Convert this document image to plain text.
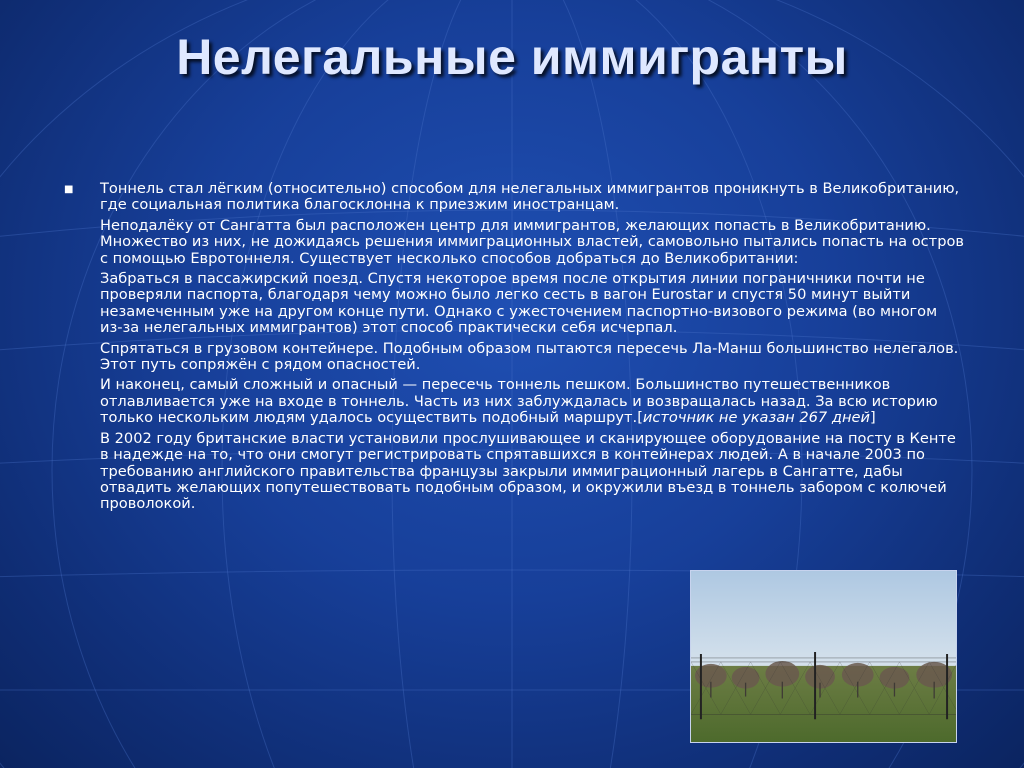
Нелегальные иммигранты
■ Тоннель стал лёгким (относительно) способом для нелегальных иммигрантов проникнуть в Великобританию, где социальная политика благосклонна к приезжим иностранцам.
Неподалёку от Сангатта был расположен центр для иммигрантов, желающих попасть в Великобританию. Множество из них, не дожидаясь решения иммиграционных властей, самовольно пытались попасть на остров с помощью Евротоннеля. Существует несколько способов добраться до Великобритании:
Забраться в пассажирский поезд. Спустя некоторое время после открытия линии пограничники почти не проверяли паспорта, благодаря чему можно было легко сесть в вагон Eurostar и спустя 50 минут выйти незамеченным уже на другом конце пути. Однако с ужесточением паспортно-визового режима (во многом из-за нелегальных иммигрантов) этот способ практически себя исчерпал.
Спрятаться в грузовом контейнере. Подобным образом пытаются пересечь Ла-Манш большинство нелегалов. Этот путь сопряжён с рядом опасностей.
И наконец, самый сложный и опасный — пересечь тоннель пешком. Большинство путешественников отлавливается уже на входе в тоннель. Часть из них заблуждалась и возвращалась назад. За всю историю только нескольким людям удалось осуществить подобный маршрут.[источник не указан 267 дней]
В 2002 году британские власти установили прослушивающее и сканирующее оборудование на посту в Кенте в надежде на то, что они смогут регистрировать спрятавшихся в контейнерах людей. А в начале 2003 по требованию английского правительства французы закрыли иммиграционный лагерь в Сангатте, дабы отвадить желающих попутешествовать подобным образом, и окружили въезд в тоннель забором с колючей проволокой.
